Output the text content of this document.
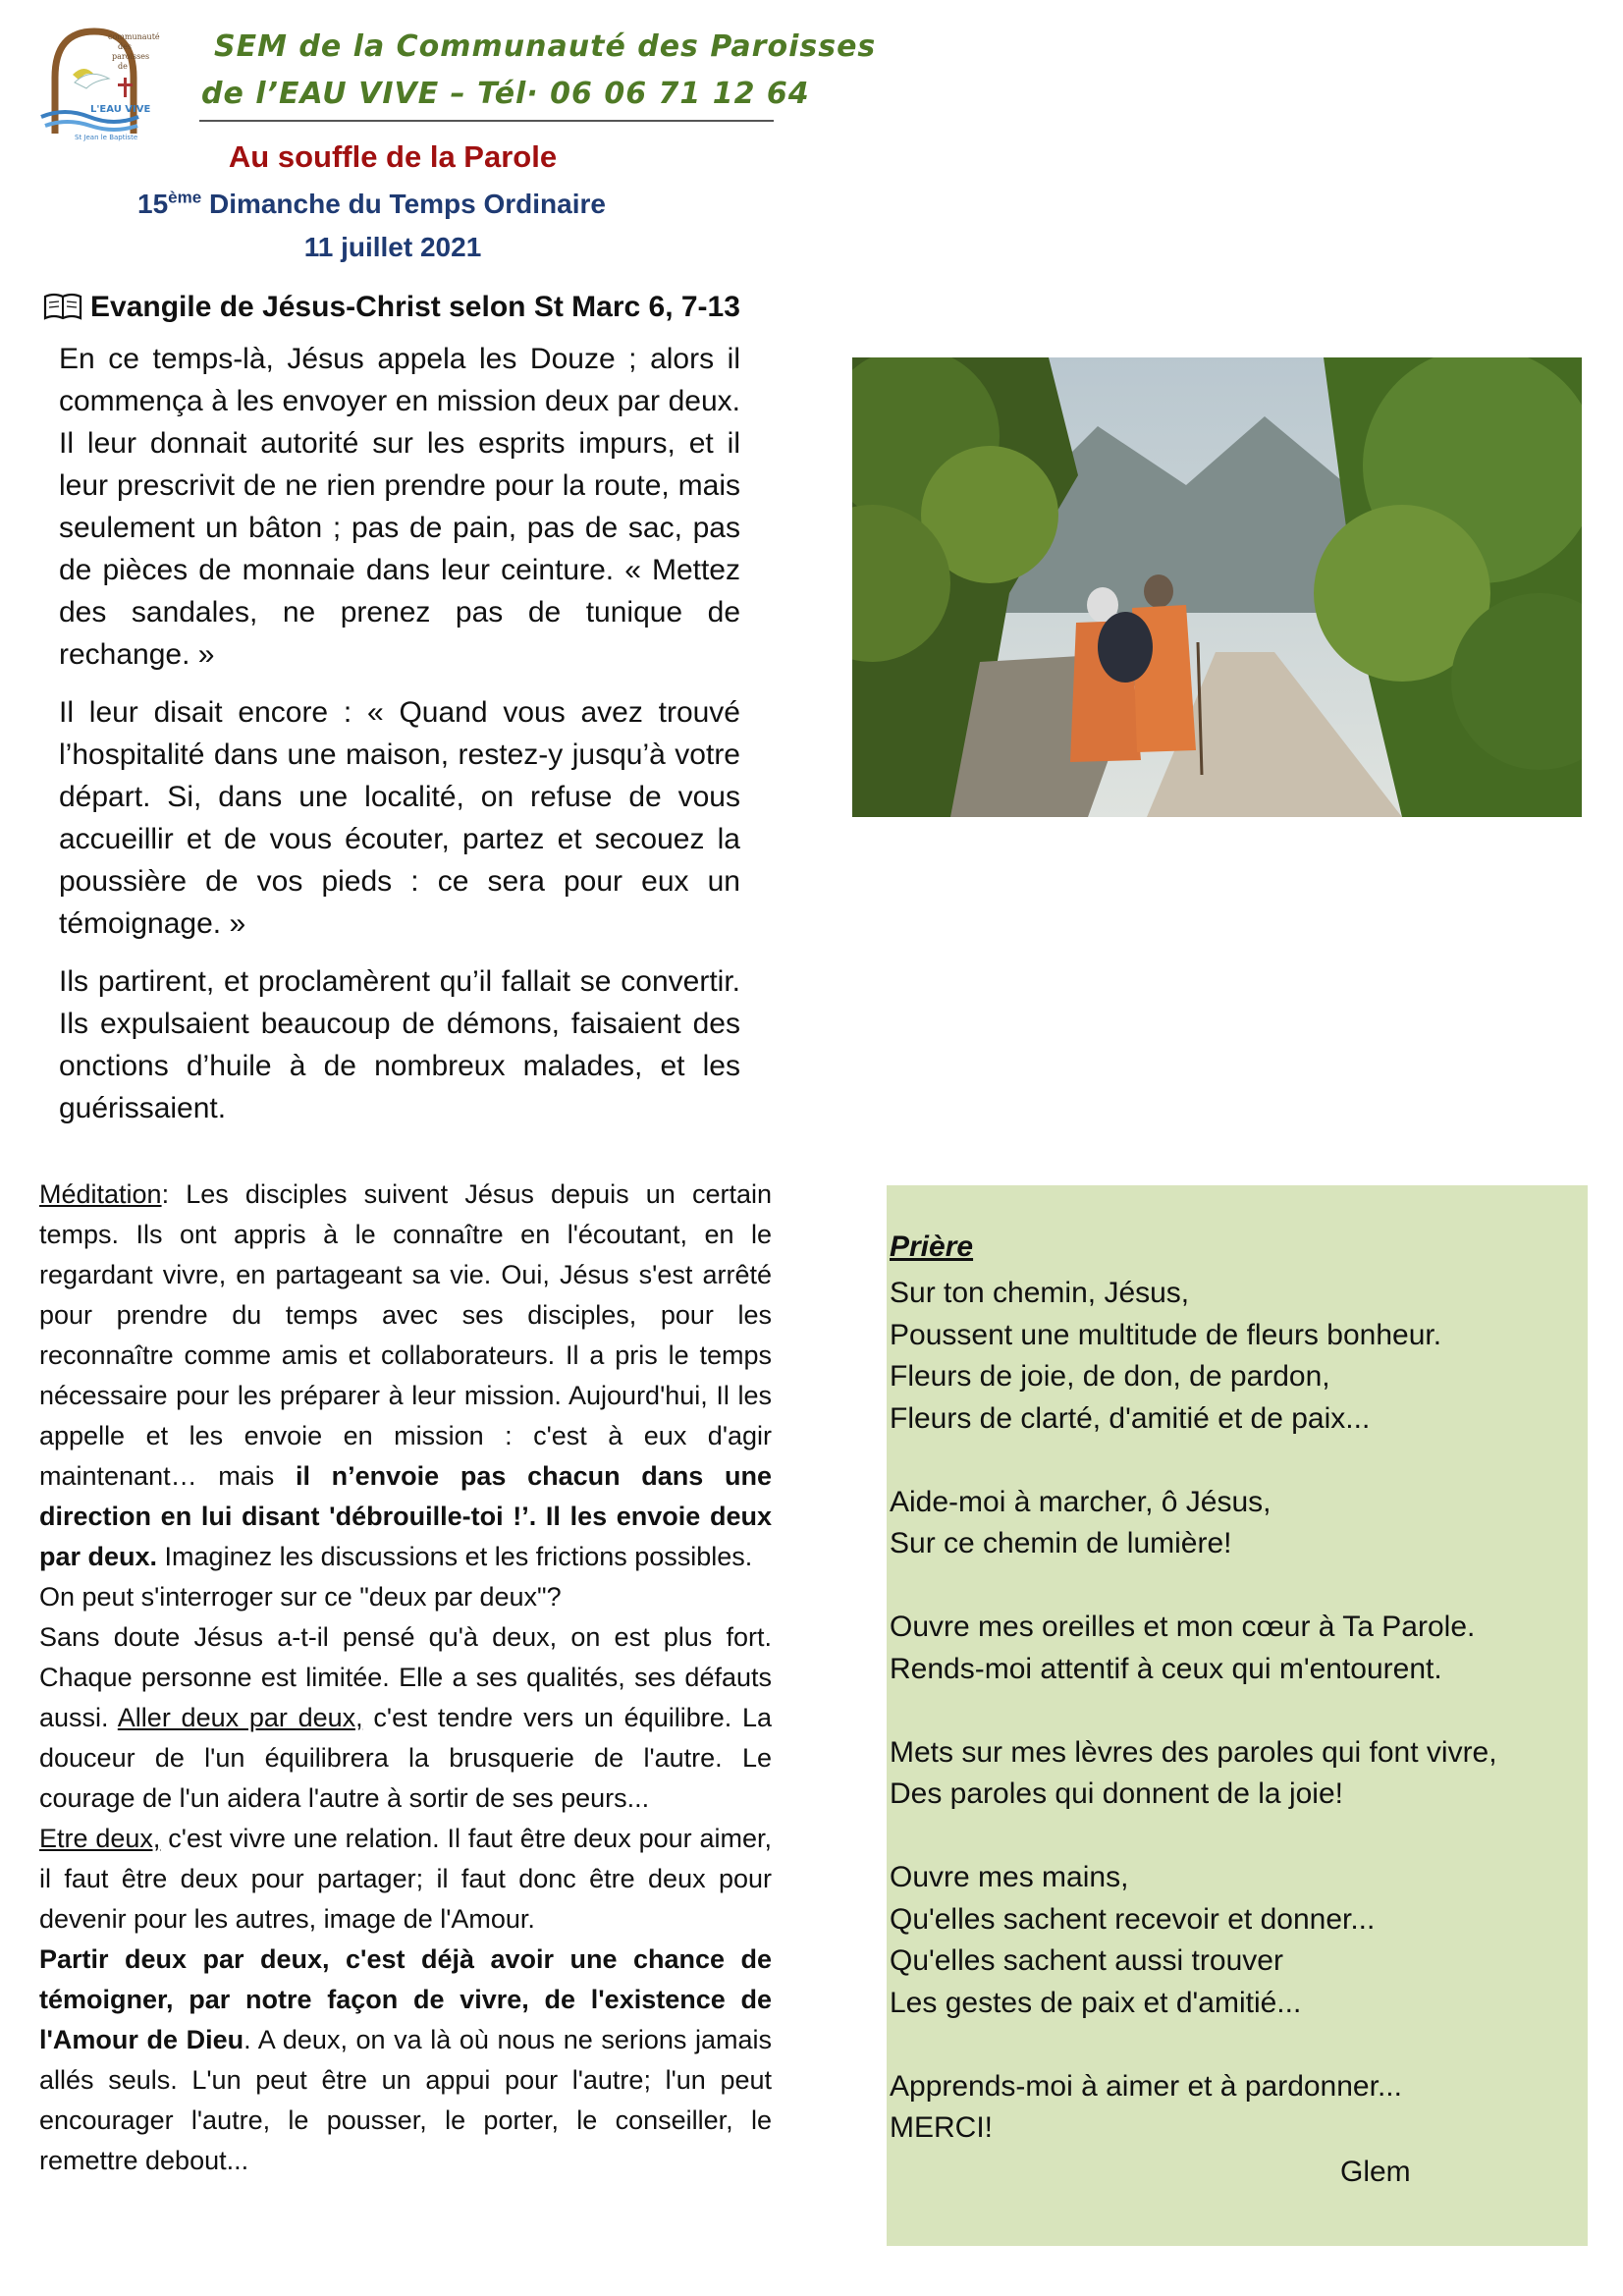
communauté
des
paroisses
de
L'EAU VIVE
St Jean le Baptiste
SEM de la Communauté des Paroisses
de l’EAU VIVE – Tél· 06 06 71 12 64
Au souffle de la Parole
15ème Dimanche du Temps Ordinaire
11 juillet 2021
Evangile de Jésus-Christ selon St Marc 6, 7-13

En ce temps-là, Jésus appela les Douze ; alors il commença à les envoyer en mission deux par deux. Il leur donnait autorité sur les esprits impurs, et il leur prescrivit de ne rien prendre pour la route, mais seulement un bâton ; pas de pain, pas de sac, pas de pièces de monnaie dans leur ceinture. « Mettez des sandales, ne prenez pas de tunique de rechange. »

Il leur disait encore : « Quand vous avez trouvé l’hospitalité dans une maison, restez-y jusqu’à votre départ. Si, dans une localité, on refuse de vous accueillir et de vous écouter, partez et secouez la poussière de vos pieds : ce sera pour eux un témoignage. »

Ils partirent, et proclamèrent qu’il fallait se convertir. Ils expulsaient beaucoup de démons, faisaient des onctions d’huile à de nombreux malades, et les guérissaient.

Méditation: Les disciples suivent Jésus depuis un certain temps. Ils ont appris à le connaître en l'écoutant, en le regardant vivre, en partageant sa vie. Oui, Jésus s'est arrêté pour prendre du temps avec ses disciples, pour les reconnaître comme amis et collaborateurs. Il a pris le temps nécessaire pour les préparer à leur mission. Aujourd'hui, Il les appelle et les envoie en mission : c'est à eux d'agir maintenant… mais il n’envoie pas chacun dans une direction en lui disant 'débrouille-toi !’. Il les envoie deux par deux. Imaginez les discussions et les frictions possibles.

On peut s'interroger sur ce "deux par deux"?

Sans doute Jésus a-t-il pensé qu'à deux, on est plus fort. Chaque personne est limitée. Elle a ses qualités, ses défauts aussi. Aller deux par deux, c'est tendre vers un équilibre. La douceur de l'un équilibrera la brusquerie de l'autre. Le courage de l'un aidera l'autre à sortir de ses peurs...

Etre deux, c'est vivre une relation. Il faut être deux pour aimer, il faut être deux pour partager; il faut donc être deux pour devenir pour les autres, image de l'Amour.

Partir deux par deux, c'est déjà avoir une chance de témoigner, par notre façon de vivre, de l'existence de l'Amour de Dieu. A deux, on va là où nous ne serions jamais allés seuls. L'un peut être un appui pour l'autre; l'un peut encourager l'autre, le pousser, le porter, le conseiller, le remettre debout...

Prière
Sur ton chemin, Jésus,
Poussent une multitude de fleurs bonheur.
Fleurs de joie, de don, de pardon,
Fleurs de clarté, d'amitié et de paix...
Aide-moi à marcher, ô Jésus,
Sur ce chemin de lumière!
Ouvre mes oreilles et mon cœur à Ta Parole.
Rends-moi attentif à ceux qui m'entourent.
Mets sur mes lèvres des paroles qui font vivre,
Des paroles qui donnent de la joie!
Ouvre mes mains,
Qu'elles sachent recevoir et donner...
Qu'elles sachent aussi trouver
Les gestes de paix et d'amitié...
Apprends-moi à aimer et à pardonner...
MERCI!
Glem
